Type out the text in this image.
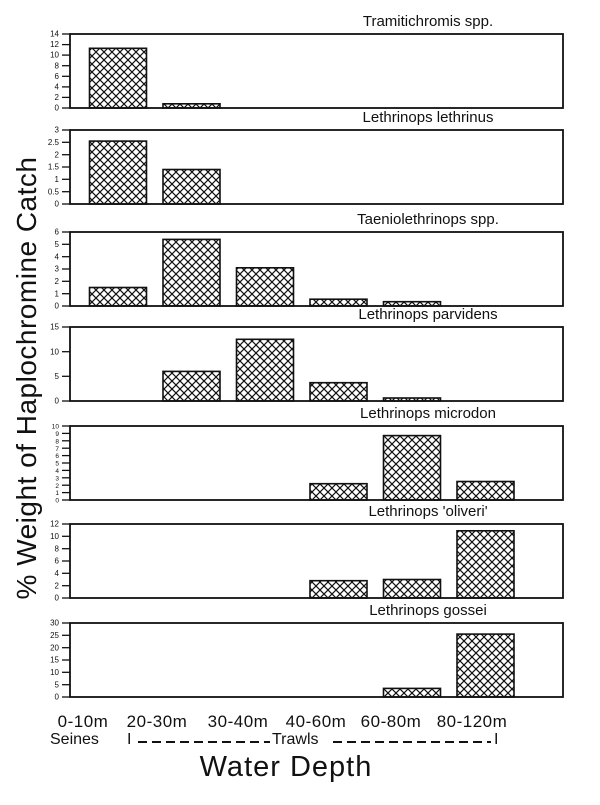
% Weight of Haplochromine Catch
Tramitichromis spp.
0
2
4
6
8
10
12
14
Lethrinops lethrinus
0
0.5
1
1.5
2
2.5
3
Taeniolethrinops spp.
0
1
2
3
4
5
6
Lethrinops parvidens
0
5
10
15
Lethrinops microdon
0
1
2
3
4
5
6
7
8
9
10
Lethrinops 'oliveri'
0
2
4
6
8
10
12
Lethrinops gossei
0
5
10
15
20
25
30
0-10m 20-30m 30-40m 40-60m 60-80m 80-120m
Seines I	Trawls	I
Water Depth
